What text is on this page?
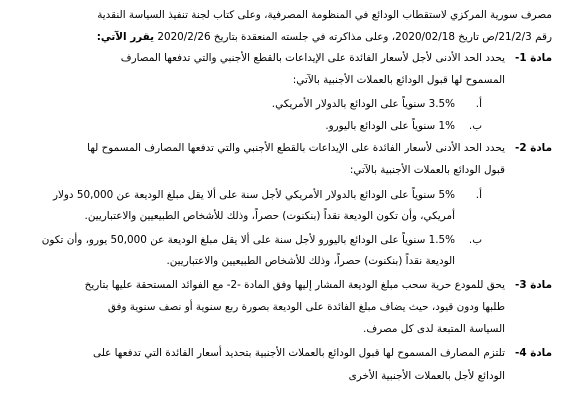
مصرف سورية المركزي لاستقطاب الودائع في المنظومة المصرفية، وعلى كتاب لجنة تنفيذ السياسة النقدية
رقم 21/2/3/ص تاريخ 2020/02/18، وعلى مذاكرته في جلسته المنعقدة بتاريخ 2020/2/26 يقرر الآتي:
مادة 1-
يحدد الحد الأدنى لأجل لأسعار الفائدة على الإيداعات بالقطع الأجنبي والتي تدفعها المصارف
المسموح لها قبول الودائع بالعملات الأجنبية بالآتي:
أ.
3.5% سنوياً على الودائع بالدولار الأمريكي.
ب.
1% سنوياً على الودائع باليورو.
مادة 2-
يحدد الحد الأدنى لأسعار الفائدة على الإيداعات بالقطع الأجنبي والتي تدفعها المصارف المسموح لها
قبول الودائع بالعملات الأجنبية بالآتي:
أ.
5% سنوياً على الودائع بالدولار الأمريكي لأجل سنة على ألا يقل مبلغ الوديعة عن 50,000 دولار
أمريكي، وأن تكون الوديعة نقداً (بنكنوت) حصراً، وذلك للأشخاص الطبيعيين والاعتباريين.
ب.
1.5% سنوياً على الودائع باليورو لأجل سنة على ألا يقل مبلغ الوديعة عن 50,000 يورو، وأن تكون
الوديعة نقداً (بنكنوت) حصراً، وذلك للأشخاص الطبيعيين والاعتباريين.
مادة 3-
يحق للمودع حرية سحب مبلغ الوديعة المشار إليها وفق المادة -2- مع الفوائد المستحقة عليها بتاريخ
طلبها ودون قيود، حيث يضاف مبلغ الفائدة على الوديعة بصورة ربع سنوية أو نصف سنوية وفق
السياسة المتبعة لدى كل مصرف.
مادة 4-
تلتزم المصارف المسموح لها قبول الودائع بالعملات الأجنبية بتحديد أسعار الفائدة التي تدفعها على
الودائع لأجل بالعملات الأجنبية الأخرى
